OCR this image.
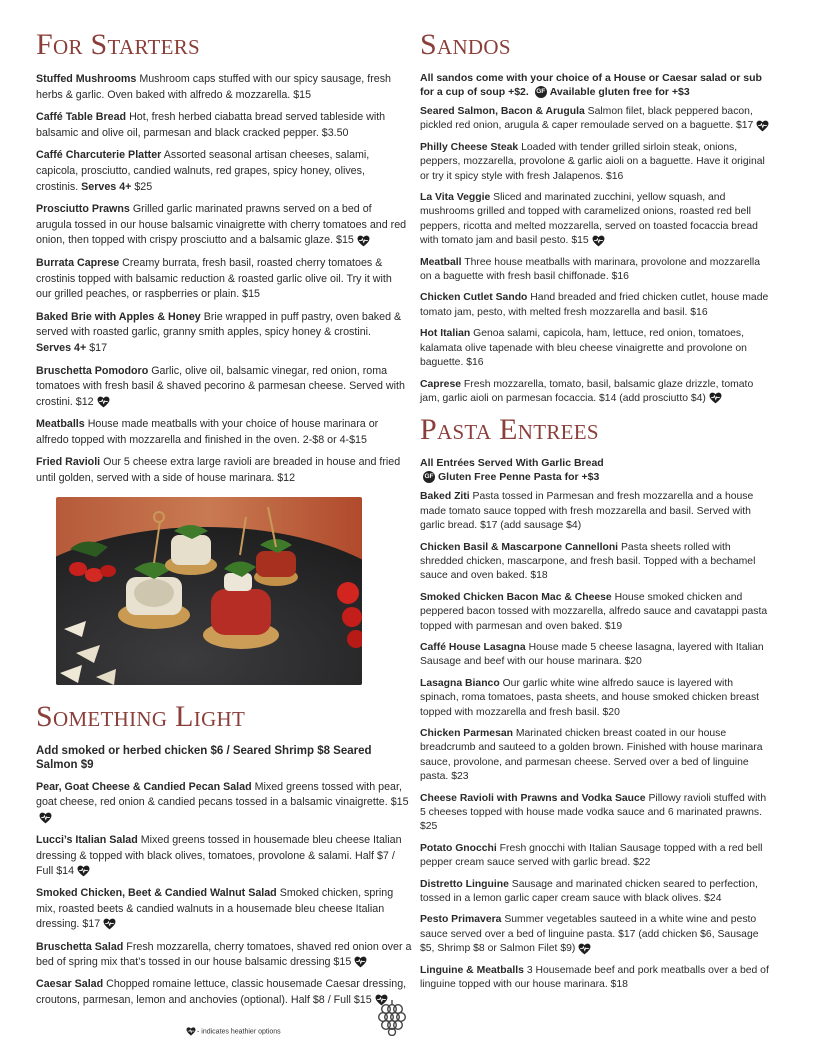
For Starters
Stuffed Mushrooms Mushroom caps stuffed with our spicy sausage, fresh herbs & garlic. Oven baked with alfredo & mozzarella. $15
Caffé Table Bread Hot, fresh herbed ciabatta bread served tableside with balsamic and olive oil, parmesan and black cracked pepper. $3.50
Caffé Charcuterie Platter Assorted seasonal artisan cheeses, salami, capicola, prosciutto, candied walnuts, red grapes, spicy honey, olives, crostinis. Serves 4+ $25
Prosciutto Prawns Grilled garlic marinated prawns served on a bed of arugula tossed in our house balsamic vinaigrette with cherry tomatoes and red onion, then topped with crispy prosciutto and a balsamic glaze. $15
Burrata Caprese Creamy burrata, fresh basil, roasted cherry tomatoes & crostinis topped with balsamic reduction & roasted garlic olive oil. Try it with our grilled peaches, or raspberries or plain. $15
Baked Brie with Apples & Honey Brie wrapped in puff pastry, oven baked & served with roasted garlic, granny smith apples, spicy honey & crostini. Serves 4+ $17
Bruschetta Pomodoro Garlic, olive oil, balsamic vinegar, red onion, roma tomatoes with fresh basil & shaved pecorino & parmesan cheese. Served with crostini. $12
Meatballs House made meatballs with your choice of house marinara or alfredo topped with mozzarella and finished in the oven. 2-$8 or 4-$15
Fried Ravioli Our 5 cheese extra large ravioli are breaded in house and fried until golden, served with a side of house marinara. $12
Something Light
Add smoked or herbed chicken $6 / Seared Shrimp $8 Seared Salmon $9
Pear, Goat Cheese & Candied Pecan Salad Mixed greens tossed with pear, goat cheese, red onion & candied pecans tossed in a balsamic vinaigrette. $15
Lucci’s Italian Salad Mixed greens tossed in housemade bleu cheese Italian dressing & topped with black olives, tomatoes, provolone & salami. Half $7 / Full $14
Smoked Chicken, Beet & Candied Walnut Salad Smoked chicken, spring mix, roasted beets & candied walnuts in a housemade bleu cheese Italian dressing. $17
Bruschetta Salad Fresh mozzarella, cherry tomatoes, shaved red onion over a bed of spring mix that’s tossed in our house balsamic dressing $15
Caesar Salad Chopped romaine lettuce, classic housemade Caesar dressing, croutons, parmesan, lemon and anchovies (optional). Half $8 / Full $15
- indicates heathier options
Sandos
All sandos come with your choice of a House or Caesar salad or sub for a cup of soup +$2. GF Available gluten free for +$3
Seared Salmon, Bacon & Arugula Salmon filet, black peppered bacon, pickled red onion, arugula & caper remoulade served on a baguette. $17
Philly Cheese Steak Loaded with tender grilled sirloin steak, onions, peppers, mozzarella, provolone & garlic aioli on a baguette. Have it original or try it spicy style with fresh Jalapenos. $16
La Vita Veggie Sliced and marinated zucchini, yellow squash, and mushrooms grilled and topped with caramelized onions, roasted red bell peppers, ricotta and melted mozzarella, served on toasted focaccia bread with tomato jam and basil pesto. $15
Meatball Three house meatballs with marinara, provolone and mozzarella on a baguette with fresh basil chiffonade. $16
Chicken Cutlet Sando Hand breaded and fried chicken cutlet, house made tomato jam, pesto, with melted fresh mozzarella and basil. $16
Hot Italian Genoa salami, capicola, ham, lettuce, red onion, tomatoes, kalamata olive tapenade with bleu cheese vinaigrette and provolone on baguette. $16
Caprese Fresh mozzarella, tomato, basil, balsamic glaze drizzle, tomato jam, garlic aioli on parmesan focaccia. $14 (add prosciutto $4)
Pasta Entrees
All Entrées Served With Garlic Bread
GF Gluten Free Penne Pasta for +$3
Baked Ziti Pasta tossed in Parmesan and fresh mozzarella and a house made tomato sauce topped with fresh mozzarella and basil. Served with garlic bread. $17 (add sausage $4)
Chicken Basil & Mascarpone Cannelloni Pasta sheets rolled with shredded chicken, mascarpone, and fresh basil. Topped with a bechamel sauce and oven baked. $18
Smoked Chicken Bacon Mac & Cheese House smoked chicken and peppered bacon tossed with mozzarella, alfredo sauce and cavatappi pasta topped with parmesan and oven baked. $19
Caffé House Lasagna House made 5 cheese lasagna, layered with Italian Sausage and beef with our house marinara. $20
Lasagna Bianco Our garlic white wine alfredo sauce is layered with spinach, roma tomatoes, pasta sheets, and house smoked chicken breast topped with mozzarella and fresh basil. $20
Chicken Parmesan Marinated chicken breast coated in our house breadcrumb and sauteed to a golden brown. Finished with house marinara sauce, provolone, and parmesan cheese. Served over a bed of linguine pasta. $23
Cheese Ravioli with Prawns and Vodka Sauce Pillowy ravioli stuffed with 5 cheeses topped with house made vodka sauce and 6 marinated prawns. $25
Potato Gnocchi Fresh gnocchi with Italian Sausage topped with a red bell pepper cream sauce served with garlic bread. $22
Distretto Linguine Sausage and marinated chicken seared to perfection, tossed in a lemon garlic caper cream sauce with black olives. $24
Pesto Primavera Summer vegetables sauteed in a white wine and pesto sauce served over a bed of linguine pasta. $17 (add chicken $6, Sausage $5, Shrimp $8 or Salmon Filet $9)
Linguine & Meatballs 3 Housemade beef and pork meatballs over a bed of linguine topped with our house marinara. $18
